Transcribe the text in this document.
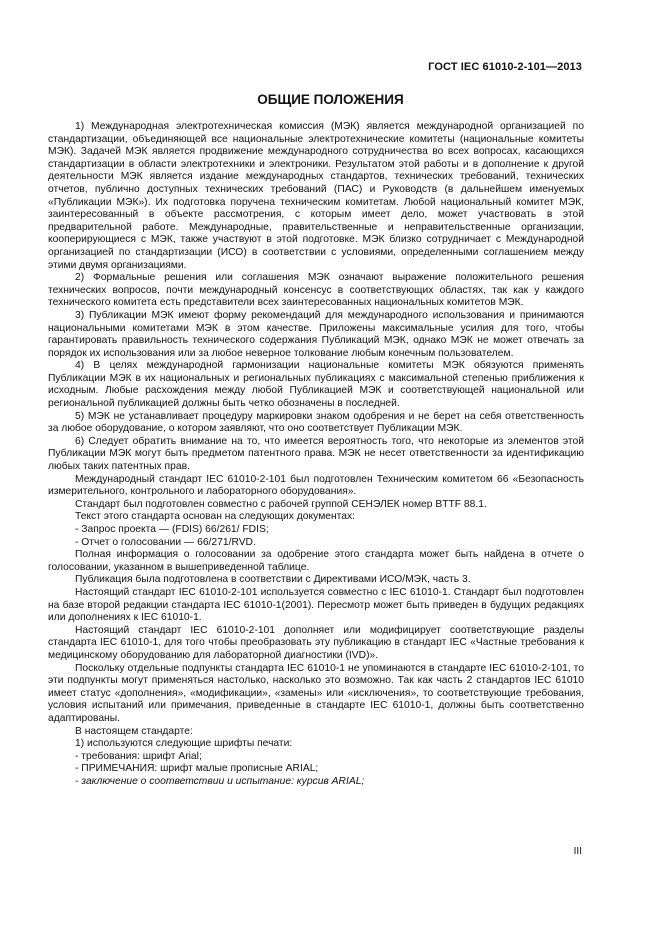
ГОСТ IEC 61010-2-101—2013
ОБЩИЕ ПОЛОЖЕНИЯ

1) Международная электротехническая комиссия (МЭК) является международной организацией по стандартизации, объединяющей все национальные электротехнические комитеты (национальные комитеты МЭК). Задачей МЭК является продвижение международного сотрудничества во всех вопросах, касающихся стандартизации в области электротехники и электроники. Результатом этой работы и в дополнение к другой деятельности МЭК является издание международных стандартов, технических требований, технических отчетов, публично доступных технических требований (ПАС) и Руководств (в дальнейшем именуемых «Публикации МЭК»). Их подготовка поручена техническим комитетам. Любой национальный комитет МЭК, заинтересованный в объекте рассмотрения, с которым имеет дело, может участвовать в этой предварительной работе. Международные, правительственные и неправительственные организации, кооперирующиеся с МЭК, также участвуют в этой подготовке. МЭК близко сотрудничает с Международной организацией по стандартизации (ИСО) в соответствии с условиями, определенными соглашением между этими двумя организациями.

2) Формальные решения или соглашения МЭК означают выражение положительного решения технических вопросов, почти международный консенсус в соответствующих областях, так как у каждого технического комитета есть представители всех заинтересованных национальных комитетов МЭК.

3) Публикации МЭК имеют форму рекомендаций для международного использования и принимаются национальными комитетами МЭК в этом качестве. Приложены максимальные усилия для того, чтобы гарантировать правильность технического содержания Публикаций МЭК, однако МЭК не может отвечать за порядок их использования или за любое неверное толкование любым конечным пользователем.

4) В целях международной гармонизации национальные комитеты МЭК обязуются применять Публикации МЭК в их национальных и региональных публикациях с максимальной степенью приближения к исходным. Любые расхождения между любой Публикацией МЭК и соответствующей национальной или региональной публикацией должны быть четко обозначены в последней.

5) МЭК не устанавливает процедуру маркировки знаком одобрения и не берет на себя ответственность за любое оборудование, о котором заявляют, что оно соответствует Публикации МЭК.

6) Следует обратить внимание на то, что имеется вероятность того, что некоторые из элементов этой Публикации МЭК могут быть предметом патентного права. МЭК не несет ответственности за идентификацию любых таких патентных прав.

Международный стандарт IEC 61010-2-101 был подготовлен Техническим комитетом 66 «Безопасность измерительного, контрольного и лабораторного оборудования».

Стандарт был подготовлен совместно с рабочей группой СЕНЭЛЕК номер BTTF 88.1.

Текст этого стандарта основан на следующих документах:

- Запрос проекта — (FDIS) 66/261/ FDIS;

- Отчет о голосовании — 66/271/RVD.

Полная информация о голосовании за одобрение этого стандарта может быть найдена в отчете о голосовании, указанном в вышеприведенной таблице.

Публикация была подготовлена в соответствии с Директивами ИСО/МЭК, часть 3.

Настоящий стандарт IEC 61010-2-101 используется совместно с IEC 61010-1. Стандарт был подготовлен на базе второй редакции стандарта IEC 61010-1(2001). Пересмотр может быть приведен в будущих редакциях или дополнениях к IEC 61010-1.

Настоящий стандарт IEC 61010-2-101 дополняет или модифицирует соответствующие разделы стандарта IEC 61010-1, для того чтобы преобразовать эту публикацию в стандарт IEC «Частные требования к медицинскому оборудованию для лабораторной диагностики (IVD)».

Поскольку отдельные подпункты стандарта IEC 61010-1 не упоминаются в стандарте IEC 61010-2-101, то эти подпункты могут применяться настолько, насколько это возможно. Так как часть 2 стандартов IEC 61010 имеет статус «дополнения», «модификации», «замены» или «исключения», то соответствующие требования, условия испытаний или примечания, приведенные в стандарте IEC 61010-1, должны быть соответственно адаптированы.

В настоящем стандарте:

1) используются следующие шрифты печати:

- требования: шрифт Arial;

- ПРИМЕЧАНИЯ: шрифт малые прописные ARIAL;

- заключение о соответствии и испытание: курсив ARIAL;

III
